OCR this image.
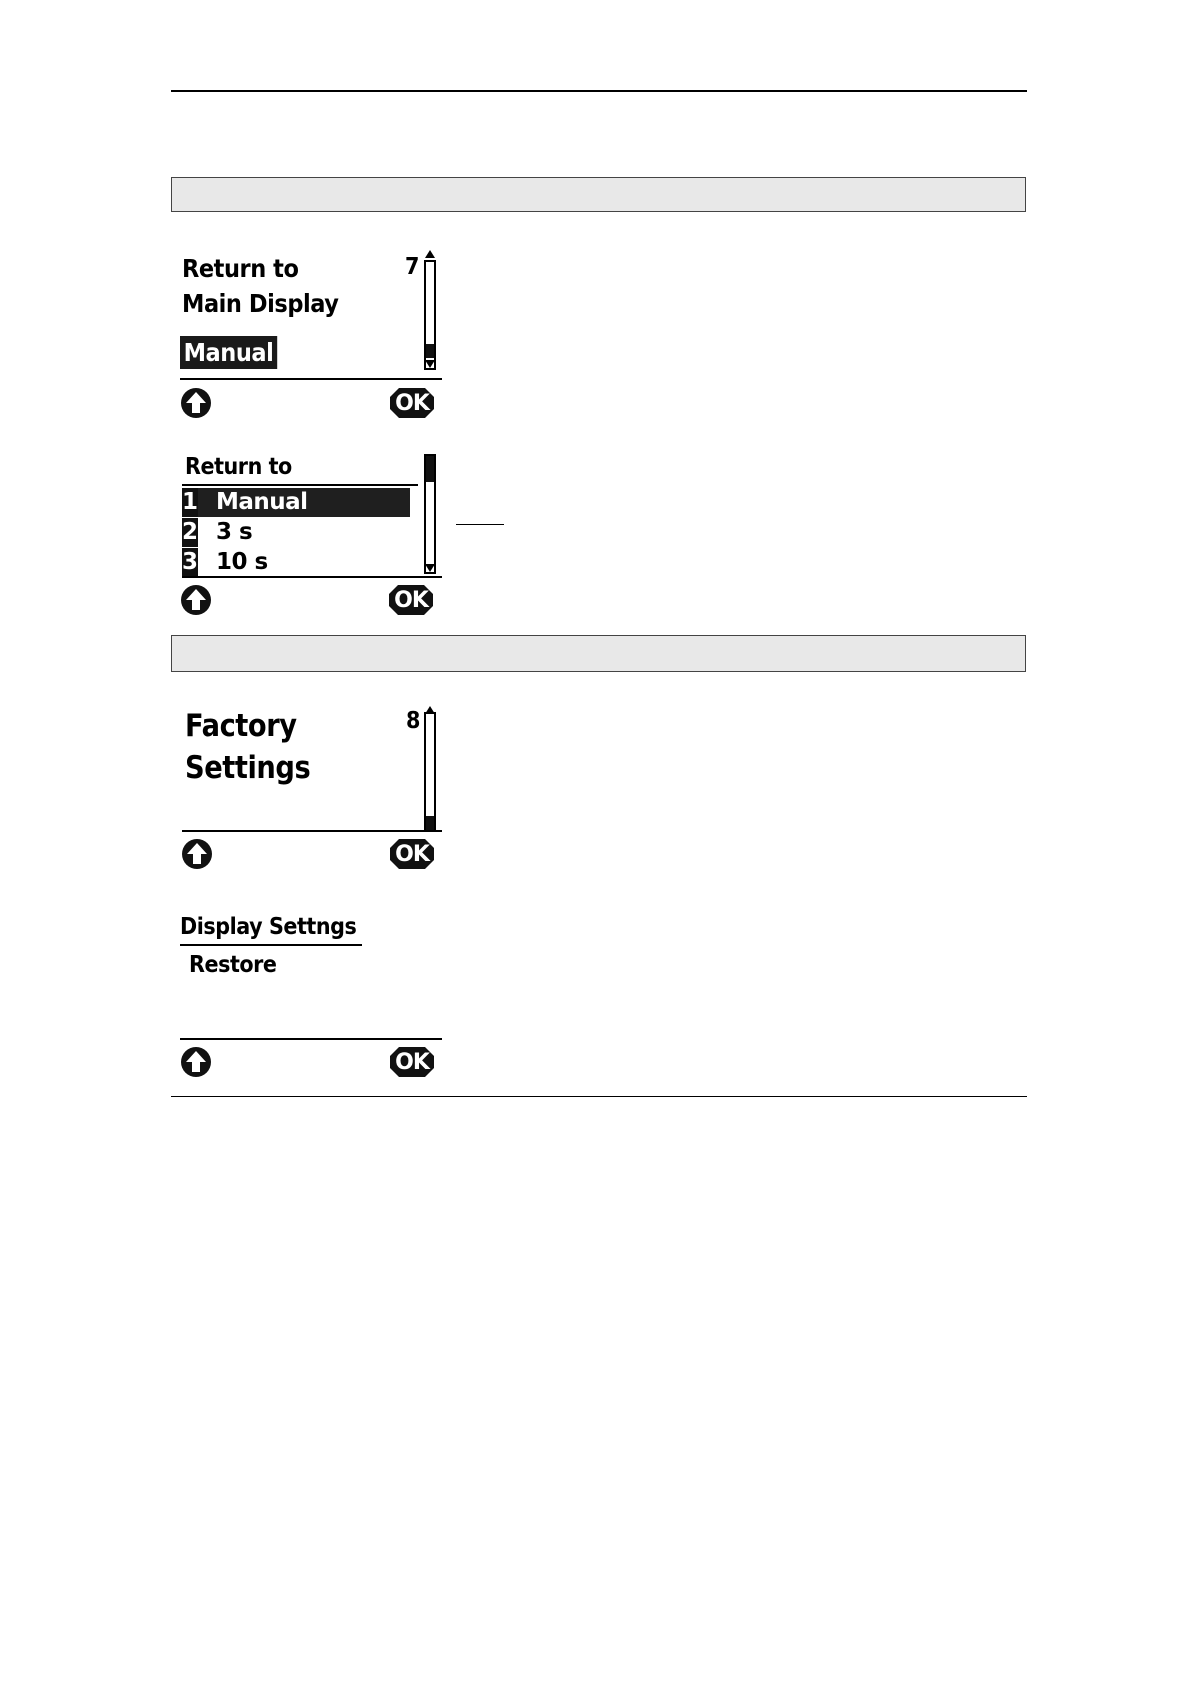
Return to
Main Display
Manual
7
OK
Return to
1 Manual
2 3 s
3 10 s
OK
Factory
Settings
8
OK
Display Settngs
Restore
OK
